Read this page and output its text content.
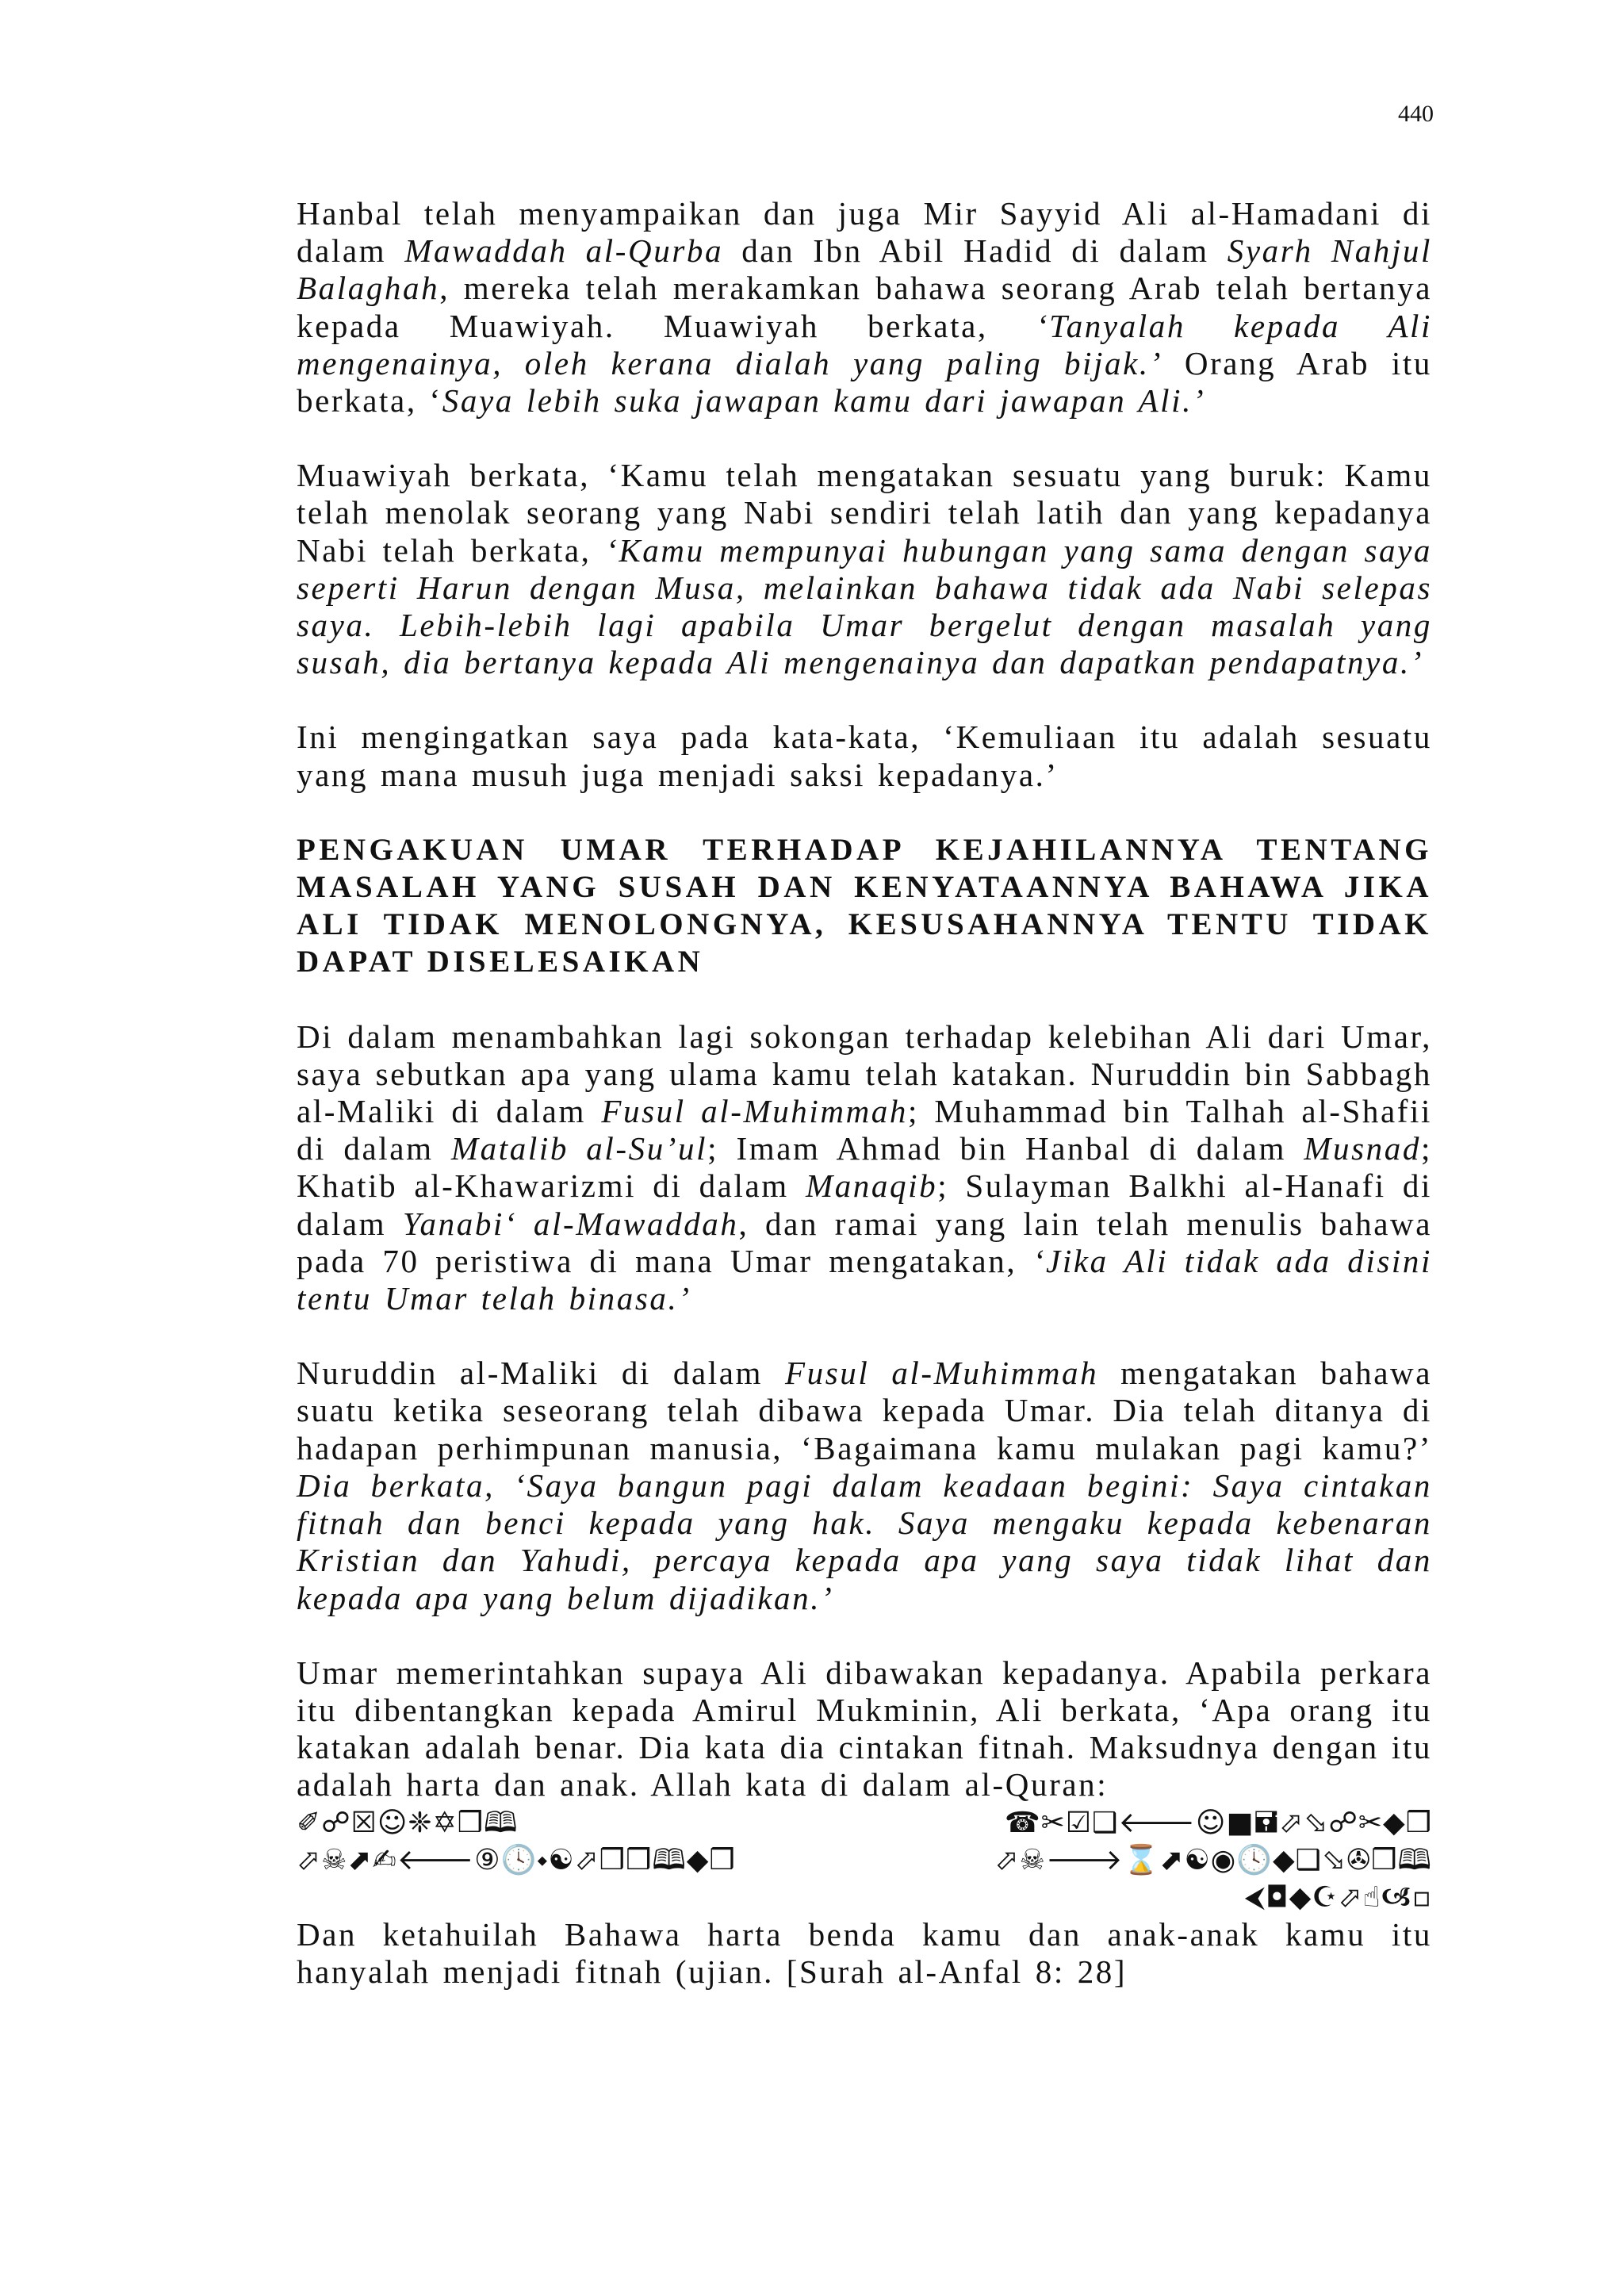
440

Hanbal telah menyampaikan dan juga Mir Sayyid Ali al-Hamadani di dalam Mawaddah al-Qurba dan Ibn Abil Hadid di dalam Syarh Nahjul Balaghah, mereka telah merakamkan bahawa seorang Arab telah bertanya kepada Muawiyah. Muawiyah berkata, ‘Tanyalah kepada Ali mengenainya, oleh kerana dialah yang paling bijak.’ Orang Arab itu berkata, ‘Saya lebih suka jawapan kamu dari jawapan Ali.’

Muawiyah berkata, ‘Kamu telah mengatakan sesuatu yang buruk: Kamu telah menolak seorang yang Nabi sendiri telah latih dan yang kepadanya Nabi telah berkata, ‘Kamu mempunyai hubungan yang sama dengan saya seperti Harun dengan Musa, melainkan bahawa tidak ada Nabi selepas saya. Lebih-lebih lagi apabila Umar bergelut dengan masalah yang susah, dia bertanya kepada Ali mengenainya dan dapatkan pendapatnya.’

Ini mengingatkan saya pada kata-kata, ‘Kemuliaan itu adalah sesuatu yang mana musuh juga menjadi saksi kepadanya.’

PENGAKUAN UMAR TERHADAP KEJAHILANNYA TENTANG MASALAH YANG SUSAH DAN KENYATAANNYA BAHAWA JIKA ALI TIDAK MENOLONGNYA, KESUSAHANNYA TENTU TIDAK DAPAT DISELESAIKAN

Di dalam menambahkan lagi sokongan terhadap kelebihan Ali dari Umar, saya sebutkan apa yang ulama kamu telah katakan. Nuruddin bin Sabbagh al-Maliki di dalam Fusul al-Muhimmah; Muhammad bin Talhah al-Shafii di dalam Matalib al-Su’ul; Imam Ahmad bin Hanbal di dalam Musnad; Khatib al-Khawarizmi di dalam Manaqib; Sulayman Balkhi al-Hanafi di dalam Yanabi‘ al-Mawaddah, dan ramai yang lain telah menulis bahawa pada 70 peristiwa di mana Umar mengatakan, ‘Jika Ali tidak ada disini tentu Umar telah binasa.’

Nuruddin al-Maliki di dalam Fusul al-Muhimmah mengatakan bahawa suatu ketika seseorang telah dibawa kepada Umar. Dia telah ditanya di hadapan perhimpunan manusia, ‘Bagaimana kamu mulakan pagi kamu?’ Dia berkata, ‘Saya bangun pagi dalam keadaan begini: Saya cintakan fitnah dan benci kepada yang hak. Saya mengaku kepada kebenaran Kristian dan Yahudi, percaya kepada apa yang saya tidak lihat dan kepada apa yang belum dijadikan.’

Umar memerintahkan supaya Ali dibawakan kepadanya. Apabila perkara itu dibentangkan kepada Amirul Mukminin, Ali berkata, ‘Apa orang itu katakan adalah benar. Dia kata dia cintakan fitnah. Maksudnya dengan itu adalah harta dan anak. Allah kata di dalam al-Quran:

✐☍☒☺❈✡❒🕮	☎✂☑❑🡐☺■🖬⬀⬂☍✂◆❒
⬀☠⬈✍🡐⑨🕓⬩☯⬀❒❒🕮◆❒	⬀☠🡒⌛⬈☯◉🕓◆❑⬂✇❒🕮
⮜◘◆☪⬀☝🙦▫

Dan ketahuilah Bahawa harta benda kamu dan anak-anak kamu itu hanyalah menjadi fitnah (ujian. [Surah al-Anfal 8: 28]
